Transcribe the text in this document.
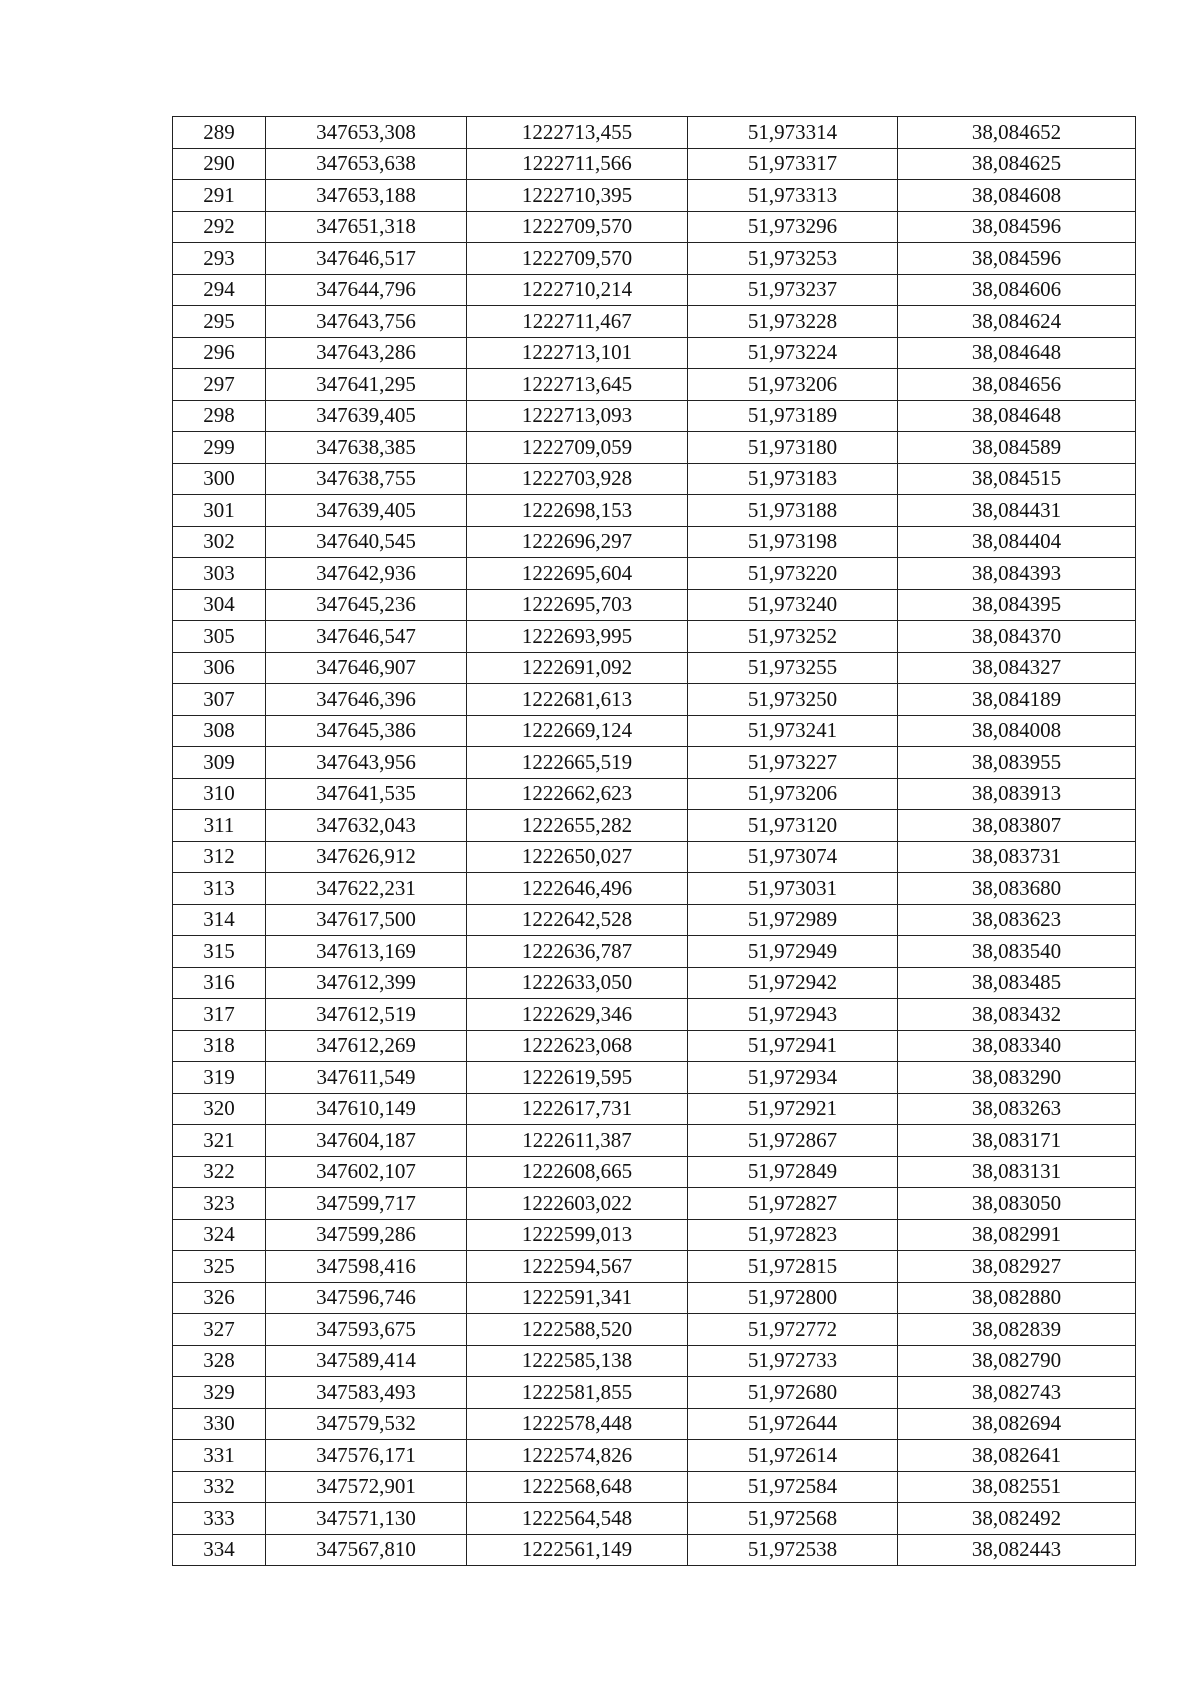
289	347653,308	1222713,455	51,973314	38,084652
290	347653,638	1222711,566	51,973317	38,084625
291	347653,188	1222710,395	51,973313	38,084608
292	347651,318	1222709,570	51,973296	38,084596
293	347646,517	1222709,570	51,973253	38,084596
294	347644,796	1222710,214	51,973237	38,084606
295	347643,756	1222711,467	51,973228	38,084624
296	347643,286	1222713,101	51,973224	38,084648
297	347641,295	1222713,645	51,973206	38,084656
298	347639,405	1222713,093	51,973189	38,084648
299	347638,385	1222709,059	51,973180	38,084589
300	347638,755	1222703,928	51,973183	38,084515
301	347639,405	1222698,153	51,973188	38,084431
302	347640,545	1222696,297	51,973198	38,084404
303	347642,936	1222695,604	51,973220	38,084393
304	347645,236	1222695,703	51,973240	38,084395
305	347646,547	1222693,995	51,973252	38,084370
306	347646,907	1222691,092	51,973255	38,084327
307	347646,396	1222681,613	51,973250	38,084189
308	347645,386	1222669,124	51,973241	38,084008
309	347643,956	1222665,519	51,973227	38,083955
310	347641,535	1222662,623	51,973206	38,083913
311	347632,043	1222655,282	51,973120	38,083807
312	347626,912	1222650,027	51,973074	38,083731
313	347622,231	1222646,496	51,973031	38,083680
314	347617,500	1222642,528	51,972989	38,083623
315	347613,169	1222636,787	51,972949	38,083540
316	347612,399	1222633,050	51,972942	38,083485
317	347612,519	1222629,346	51,972943	38,083432
318	347612,269	1222623,068	51,972941	38,083340
319	347611,549	1222619,595	51,972934	38,083290
320	347610,149	1222617,731	51,972921	38,083263
321	347604,187	1222611,387	51,972867	38,083171
322	347602,107	1222608,665	51,972849	38,083131
323	347599,717	1222603,022	51,972827	38,083050
324	347599,286	1222599,013	51,972823	38,082991
325	347598,416	1222594,567	51,972815	38,082927
326	347596,746	1222591,341	51,972800	38,082880
327	347593,675	1222588,520	51,972772	38,082839
328	347589,414	1222585,138	51,972733	38,082790
329	347583,493	1222581,855	51,972680	38,082743
330	347579,532	1222578,448	51,972644	38,082694
331	347576,171	1222574,826	51,972614	38,082641
332	347572,901	1222568,648	51,972584	38,082551
333	347571,130	1222564,548	51,972568	38,082492
334	347567,810	1222561,149	51,972538	38,082443
